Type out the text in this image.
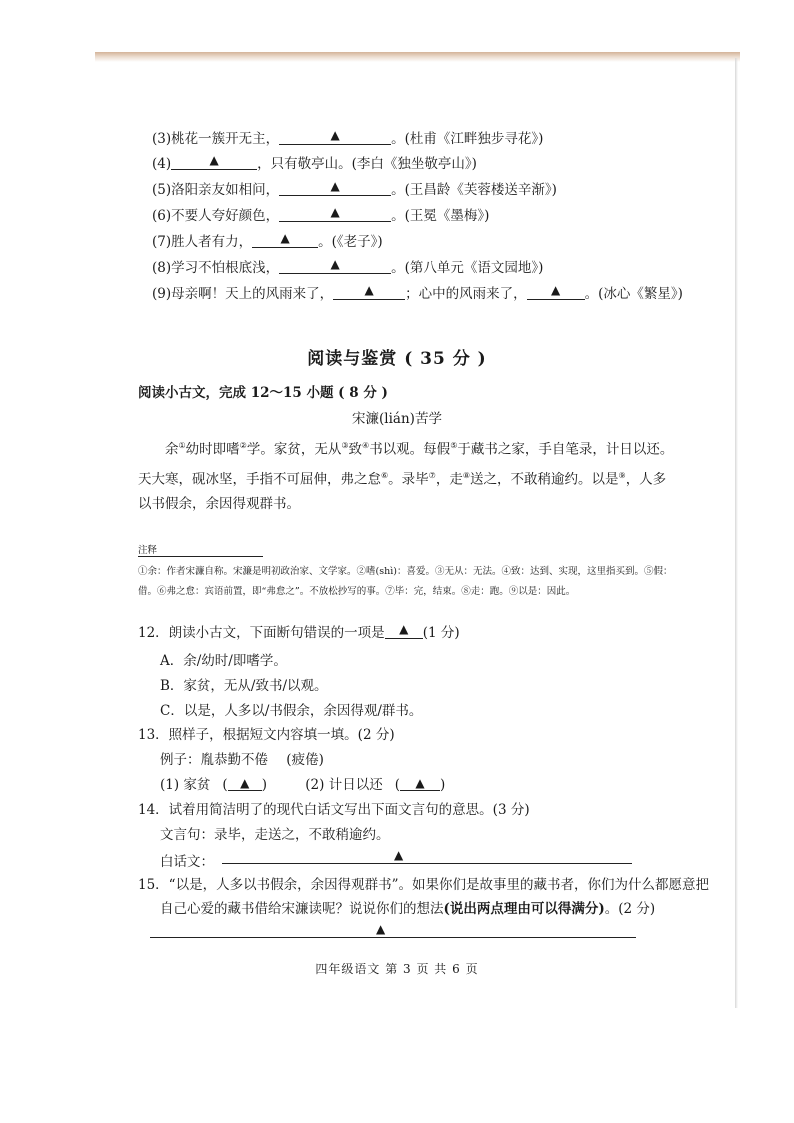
(3)桃花一簇开无主，	▲	。(杜甫《江畔独步寻花》)
(4)	▲	，只有敬亭山。(李白《独坐敬亭山》)
(5)洛阳亲友如相问，	▲	。(王昌龄《芙蓉楼送辛渐》)
(6)不要人夸好颜色，	▲	。(王冕《墨梅》)
(7)胜人者有力， ▲ 。(《老子》)
(8)学习不怕根底浅，	▲	。(第八单元《语文园地》)
(9)母亲啊！天上的风雨来了，	▲ ；心中的风雨来了， ▲ 。(冰心《繁星》)
阅读与鉴赏 ( 35 分 )
阅读小古文，完成 12～15 小题 ( 8 分 )
宋濂(lián)苦学
余①幼时即嗜②学。家贫，无从③致④书以观。每假⑤于藏书之家，手自笔录，计日以还。天大寒，砚冰坚，手指不可屈伸，弗之怠⑥。录毕⑦，走⑧送之，不敢稍逾约。以是⑨，人多以书假余，余因得观群书。
注释
①余：作者宋濂自称。宋濂是明初政治家、文学家。②嗜(shì)：喜爱。③无从：无法。④致：达到、实现，这里指买到。⑤假：借。⑥弗之怠：宾语前置，即“弗怠之”。不放松抄写的事。⑦毕：完，结束。⑧走：跑。⑨以是：因此。
12．朗读小古文，下面断句错误的一项是 ▲ (1 分)
A．余/幼时/即嗜学。
B．家贫，无从/致书/以观。
C．以是，人多以/书假余，余因得观/群书。
13．照样子，根据短文内容填一填。(2 分)
例子：胤恭勤不倦 (疲倦)
(1) 家贫 ( ▲ )	(2) 计日以还 ( ▲ )
14．试着用简洁明了的现代白话文写出下面文言句的意思。(3 分)
文言句：录毕，走送之，不敢稍逾约。
白话文：	▲
15．“以是，人多以书假余，余因得观群书”。如果你们是故事里的藏书者，你们为什么都愿意把
自己心爱的藏书借给宋濂读呢？说说你们的想法(说出两点理由可以得满分)。(2 分)
▲
四年级语文 第 3 页 共 6 页
